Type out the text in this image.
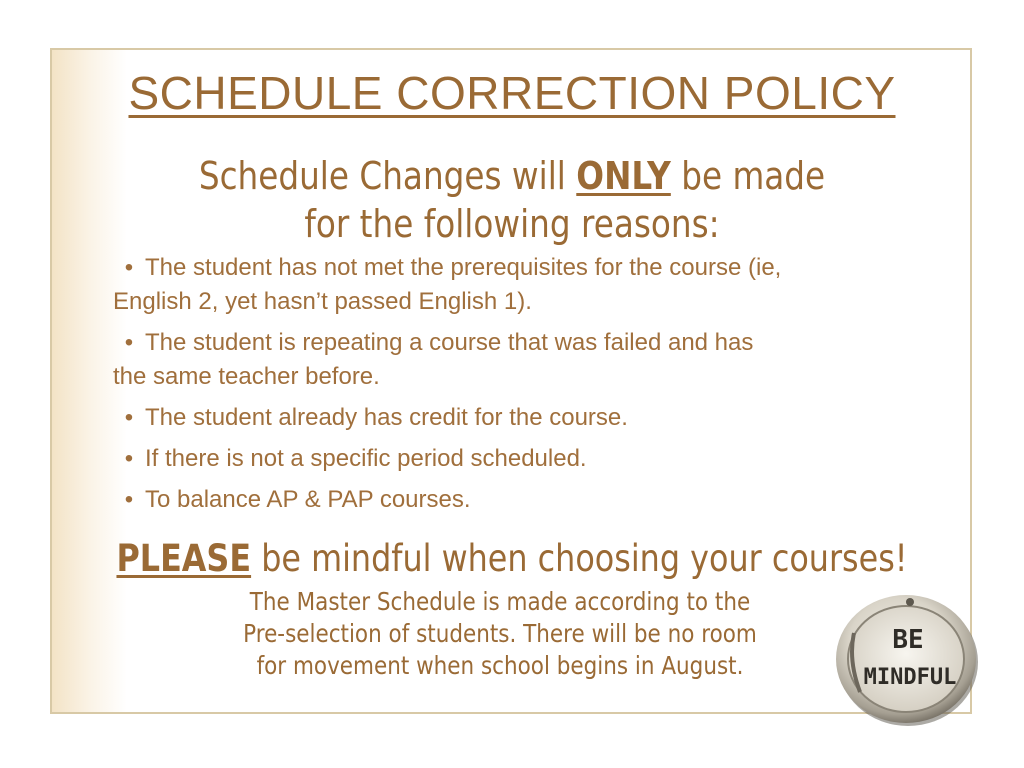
SCHEDULE CORRECTION POLICY
Schedule Changes will ONLY be made
for the following reasons:
• The student has not met the prerequisites for the course (ie,
English 2, yet hasn’t passed English 1).
• The student is repeating a course that was failed and has
the same teacher before.
• The student already has credit for the course.
• If there is not a specific period scheduled.
• To balance AP & PAP courses.
PLEASE be mindful when choosing your courses!
The Master Schedule is made according to the
Pre-selection of students. There will be no room
for movement when school begins in August.
BE
MINDFUL
